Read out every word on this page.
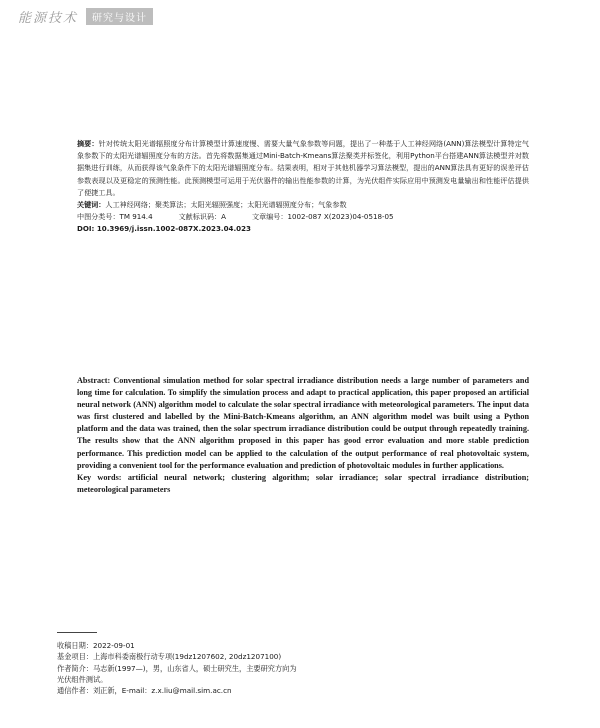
能源技术	研究与设计

摘要：针对传统太阳光谱辐照度分布计算模型计算速度慢、需要大量气象参数等问题，提出了一种基于人工神经网络(ANN)算法模型计算特定气象参数下的太阳光谱辐照度分布的方法。首先将数据集通过Mini-Batch-Kmeans算法聚类并标签化，利用Python平台搭建ANN算法模型并对数据集进行训练，从而获得该气象条件下的太阳光谱辐照度分布。结果表明，相对于其他机器学习算法模型，提出的ANN算法具有更好的误差评估参数表现以及更稳定的预测性能。此预测模型可运用于光伏器件的输出性能参数的计算，为光伏组件实际应用中预测发电量输出和性能评估提供了便捷工具。

关键词：人工神经网络；聚类算法；太阳光辐照强度；太阳光谱辐照度分布；气象参数

中图分类号：TM 914.4	文献标识码：A	文章编号：1002-087 X(2023)04-0518-05

DOI: 10.3969/j.issn.1002-087X.2023.04.023

Abstract: Conventional simulation method for solar spectral irradiance distribution needs a large number of parameters and long time for calculation. To simplify the simulation process and adapt to practical application, this paper proposed an artificial neural network (ANN) algorithm model to calculate the solar spectral irradiance with meteorological parameters. The input data was first clustered and labelled by the Mini-Batch-Kmeans algorithm, an ANN algorithm model was built using a Python platform and the data was trained, then the solar spectrum irradiance distribution could be output through repeatedly training. The results show that the ANN algorithm proposed in this paper has good error evaluation and more stable prediction performance. This prediction model can be applied to the calculation of the output performance of real photovoltaic system, providing a convenient tool for the performance evaluation and prediction of photovoltaic modules in further applications.

Key words: artificial neural network; clustering algorithm; solar irradiance; solar spectral irradiance distribution; meteorological parameters

收稿日期：2022-09-01

基金项目：上海市科委南极行动专项(19dz1207602, 20dz1207100)

作者简介：马志新(1997—)，男，山东省人，硕士研究生，主要研究方向为光伏组件测试。

通信作者：刘正新，E-mail：z.x.liu@mail.sim.ac.cn
